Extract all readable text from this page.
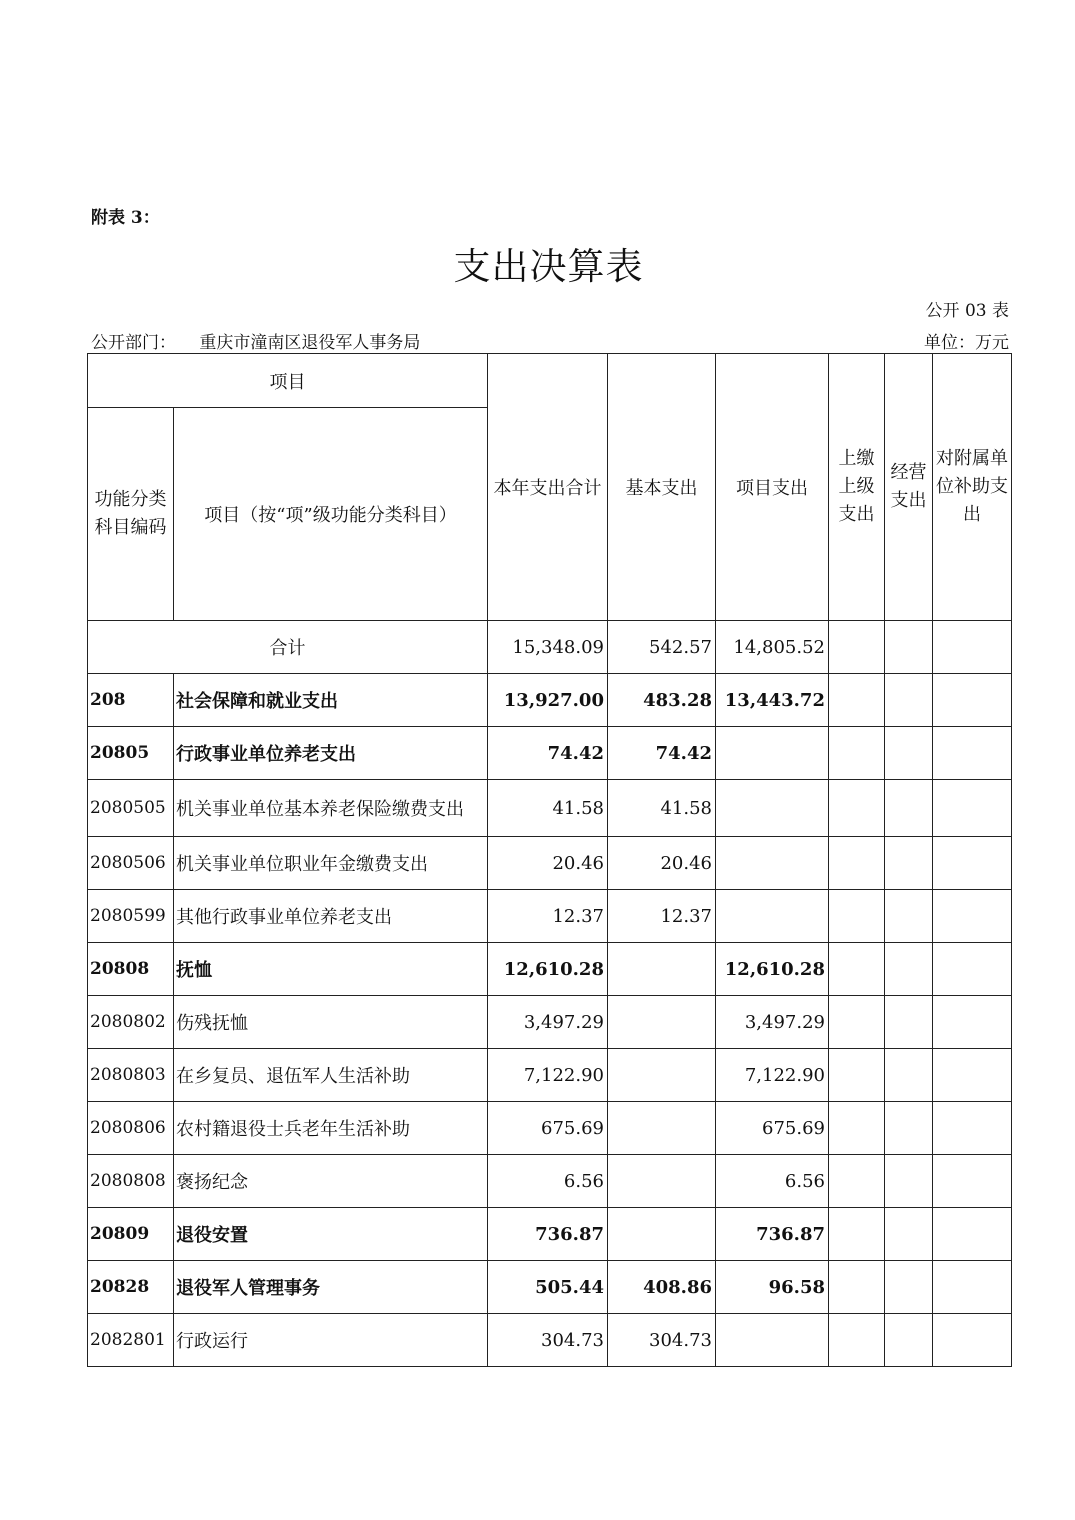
附表 3：
支出决算表
公开 03 表
公开部门： 重庆市潼南区退役军人事务局	单位：万元
项目		本年支出合计	基本支出	项目支出	上缴上级支出	经营支出	对附属单位补助支出
功能分类科目编码	项目（按“项”级功能分类科目）						
合计		15,348.09	542.57	14,805.52			
208	社会保障和就业支出	13,927.00	483.28	13,443.72			
20805	行政事业单位养老支出	74.42	74.42				
2080505	机关事业单位基本养老保险缴费支出	41.58	41.58				
2080506	机关事业单位职业年金缴费支出	20.46	20.46				
2080599	其他行政事业单位养老支出	12.37	12.37				
20808	抚恤	12,610.28		12,610.28			
2080802	伤残抚恤	3,497.29		3,497.29			
2080803	在乡复员、退伍军人生活补助	7,122.90		7,122.90			
2080806	农村籍退役士兵老年生活补助	675.69		675.69			
2080808	褒扬纪念	6.56		6.56			
20809	退役安置	736.87		736.87			
20828	退役军人管理事务	505.44	408.86	96.58			
2082801	行政运行	304.73	304.73				
